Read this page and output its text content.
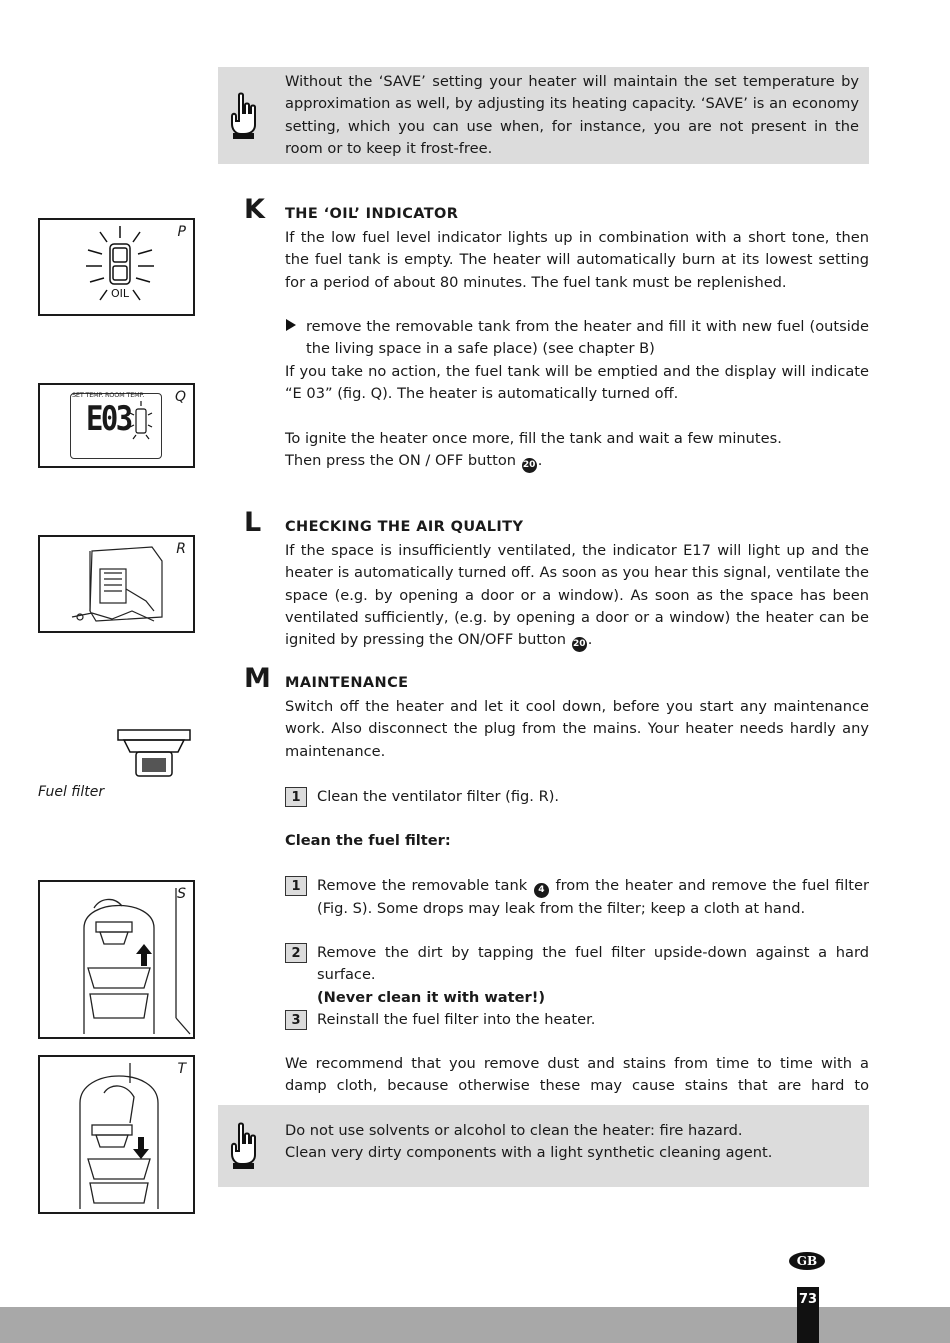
Without the ‘SAVE’ setting your heater will maintain the set temperature by approximation as well, by adjusting its heating capacity. ‘SAVE’ is an economy setting, which you can use when, for instance, you are not present in the room or to keep it frost-free.
P
OIL
Q
SET TEMP. ROOM TEMP.
E03
R
Fuel filter
S
T
K THE ‘OIL’ INDICATOR
If the low fuel level indicator lights up in combination with a short tone, then the fuel tank is empty. The heater will automatically burn at its lowest setting for a period of about 80 minutes. The fuel tank must be replenished.
remove the removable tank from the heater and fill it with new fuel (outside the living space in a safe place) (see chapter B)
If you take no action, the fuel tank will be emptied and the display will indicate “E 03” (fig. Q). The heater is automatically turned off.
To ignite the heater once more, fill the tank and wait a few minutes.
Then press the ON / OFF button 20 .
L CHECKING THE AIR QUALITY
If the space is insufficiently ventilated, the indicator E17 will light up and the heater is automatically turned off. As soon as you hear this signal, ventilate the space (e.g. by opening a door or a window). As soon as the space has been ventilated sufficiently, (e.g. by opening a door or a window) the heater can be ignited by pressing the ON/OFF button 20 .
M MAINTENANCE
Switch off the heater and let it cool down, before you start any maintenance work. Also disconnect the plug from the mains. Your heater needs hardly any maintenance.
1	Clean the ventilator filter (fig. R).
Clean the fuel filter:
1	Remove the removable tank 4 from the heater and remove the fuel filter (Fig. S). Some drops may leak from the filter; keep a cloth at hand.
2	Remove the dirt by tapping the fuel filter upside-down against a hard surface.
(Never clean it with water!)
3	Reinstall the fuel filter into the heater.
We recommend that you remove dust and stains from time to time with a damp cloth, because otherwise these may cause stains that are hard to
Do not use solvents or alcohol to clean the heater: fire hazard.
Clean very dirty components with a light synthetic cleaning agent.
GB
73
